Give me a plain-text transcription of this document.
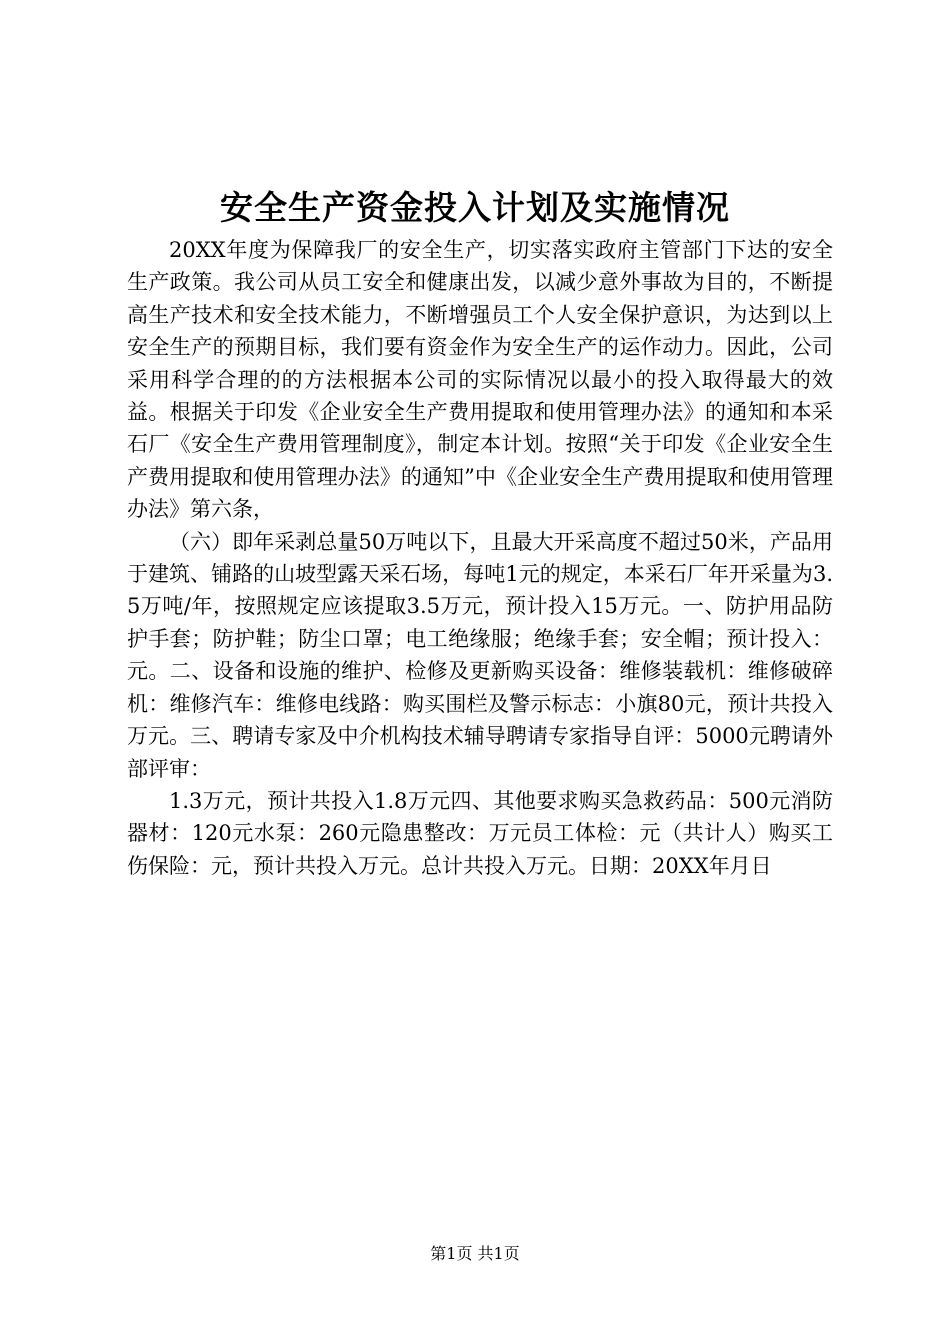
安全生产资金投入计划及实施情况

20XX年度为保障我厂的安全生产，切实落实政府主管部门下达的安全生产政策。我公司从员工安全和健康出发，以减少意外事故为目的，不断提高生产技术和安全技术能力，不断增强员工个人安全保护意识，为达到以上安全生产的预期目标，我们要有资金作为安全生产的运作动力。因此，公司采用科学合理的的方法根据本公司的实际情况以最小的投入取得最大的效益。根据关于印发《企业安全生产费用提取和使用管理办法》的通知和本采石厂《安全生产费用管理制度》，制定本计划。按照“关于印发《企业安全生产费用提取和使用管理办法》的通知”中《企业安全生产费用提取和使用管理办法》第六条，

（六）即年采剥总量50万吨以下，且最大开采高度不超过50米，产品用于建筑、铺路的山坡型露天采石场，每吨1元的规定，本采石厂年开采量为3.5万吨/年，按照规定应该提取3.5万元，预计投入15万元。一、防护用品防护手套；防护鞋；防尘口罩；电工绝缘服；绝缘手套；安全帽；预计投入：元。二、设备和设施的维护、检修及更新购买设备：维修装载机：维修破碎机：维修汽车：维修电线路：购买围栏及警示标志：小旗80元，预计共投入万元。三、聘请专家及中介机构技术辅导聘请专家指导自评：5000元聘请外部评审：

1.3万元，预计共投入1.8万元四、其他要求购买急救药品：500元消防器材：120元水泵：260元隐患整改：万元员工体检：元（共计人）购买工伤保险：元，预计共投入万元。总计共投入万元。日期：20XX年月日

第1页 共1页
